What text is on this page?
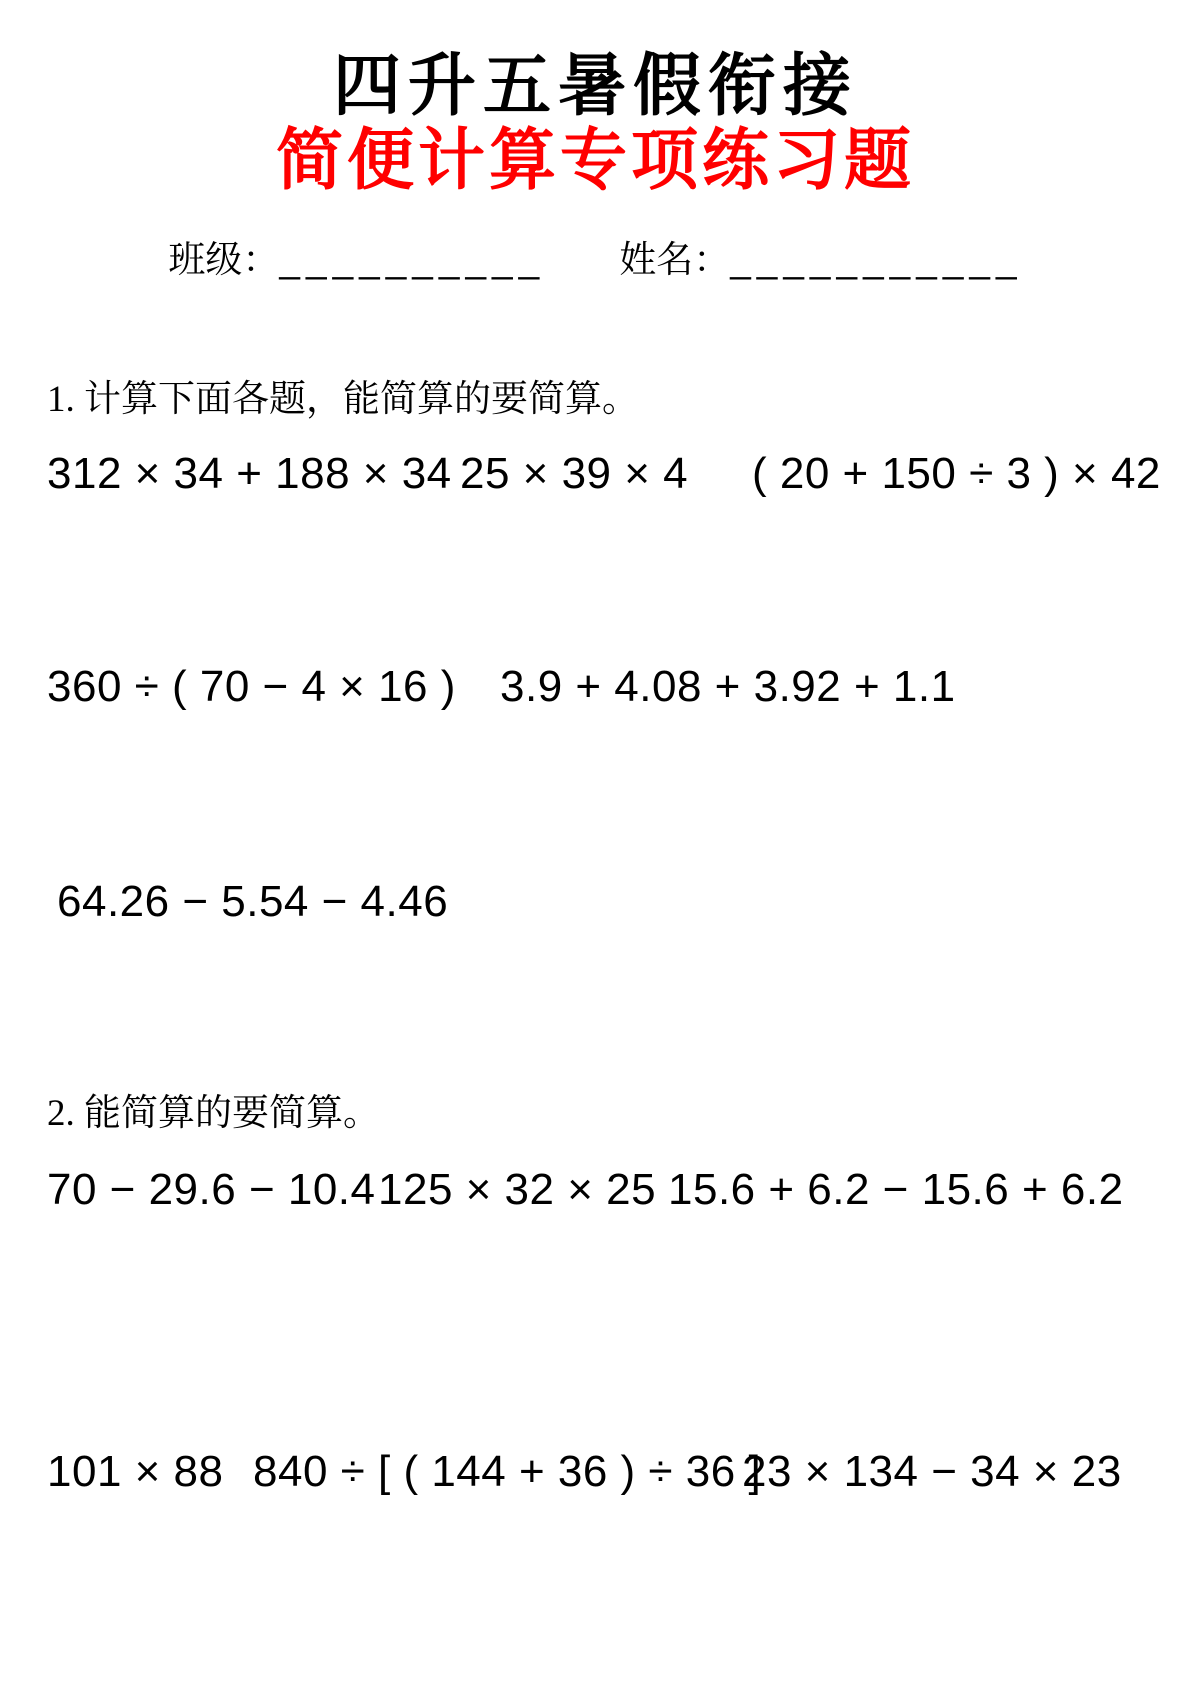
四升五暑假衔接
简便计算专项练习题
班级：__________ 姓名：___________
1. 计算下面各题，能简算的要简算。
312 × 34 + 188 × 34 25 × 39 × 4 ( 20 + 150 ÷ 3 ) × 42
360 ÷ ( 70 − 4 × 16 ) 3.9 + 4.08 + 3.92 + 1.1
64.26 − 5.54 − 4.46
2. 能简算的要简算。
70 − 29.6 − 10.4 125 × 32 × 25 15.6 + 6.2 − 15.6 + 6.2
101 × 88 840 ÷ [ ( 144 + 36 ) ÷ 36 ]
23 × 134 − 34 × 23
